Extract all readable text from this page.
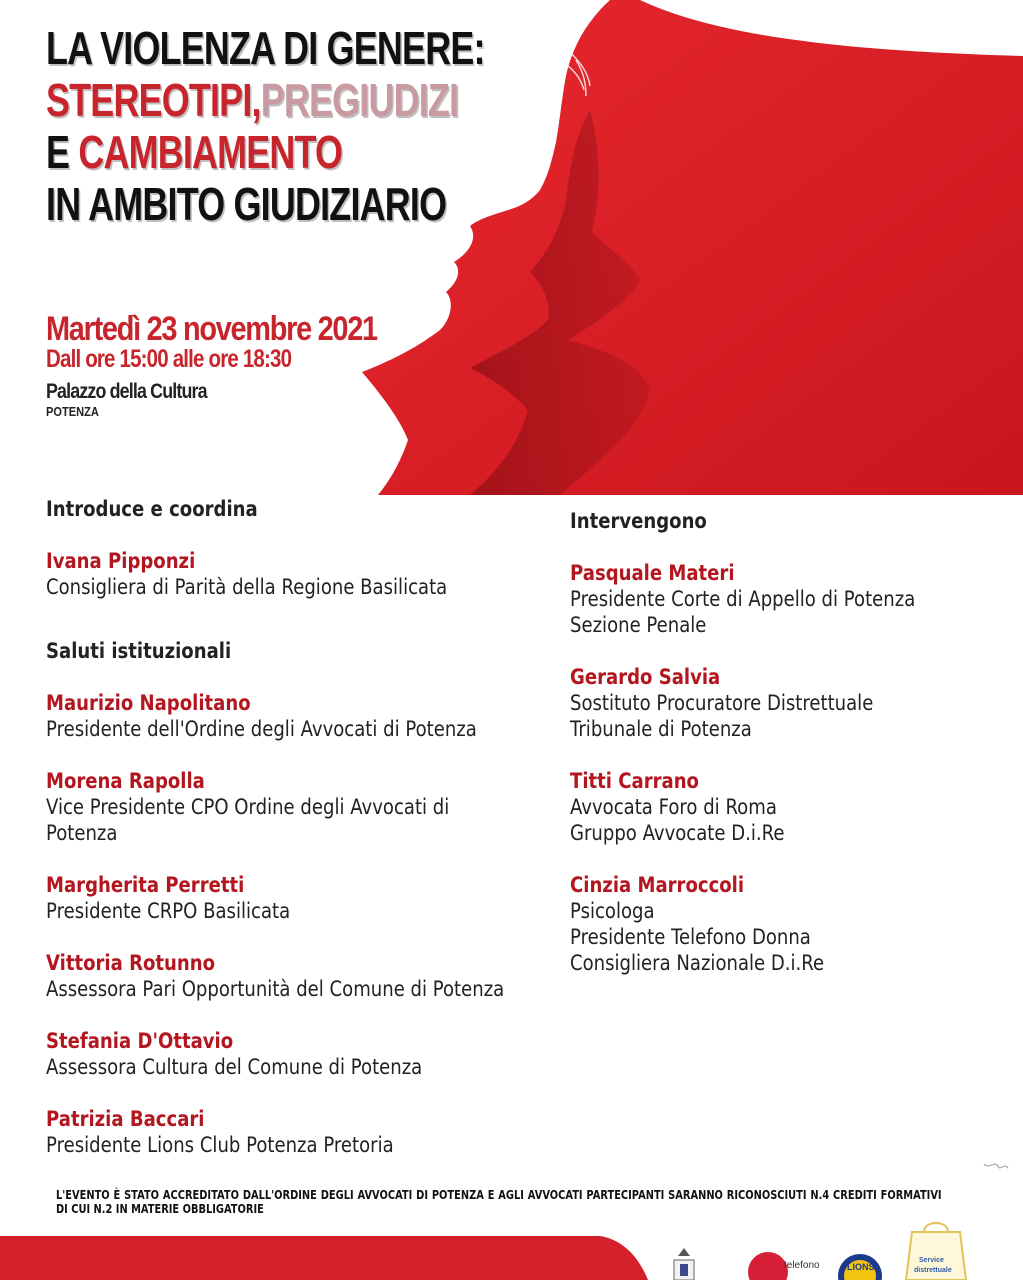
telefono	LIONS
Service
distrettuale
LA VIOLENZA DI GENERE:
STEREOTIPI,PREGIUDIZI
E CAMBIAMENTO
IN AMBITO GIUDIZIARIO
Martedì 23 novembre 2021
Dall ore 15:00 alle ore 18:30
Palazzo della Cultura
POTENZA
Introduce e coordina
Ivana Pipponzi
Consigliera di Parità della Regione Basilicata
Saluti istituzionali
Maurizio Napolitano
Presidente dell'Ordine degli Avvocati di Potenza
Morena Rapolla
Vice Presidente CPO Ordine degli Avvocati di
Potenza
Margherita Perretti
Presidente CRPO Basilicata
Vittoria Rotunno
Assessora Pari Opportunità del Comune di Potenza
Stefania D'Ottavio
Assessora Cultura del Comune di Potenza
Patrizia Baccari
Presidente Lions Club Potenza Pretoria
Intervengono
Pasquale Materi
Presidente Corte di Appello di Potenza
Sezione Penale
Gerardo Salvia
Sostituto Procuratore Distrettuale
Tribunale di Potenza
Titti Carrano
Avvocata Foro di Roma
Gruppo Avvocate D.i.Re
Cinzia Marroccoli
Psicologa
Presidente Telefono Donna
Consigliera Nazionale D.i.Re
L'EVENTO È STATO ACCREDITATO DALL'ORDINE DEGLI AVVOCATI DI POTENZA E AGLI AVVOCATI PARTECIPANTI SARANNO RICONOSCIUTI N.4 CREDITI FORMATIVI DI CUI N.2 IN MATERIE OBBLIGATORIE
